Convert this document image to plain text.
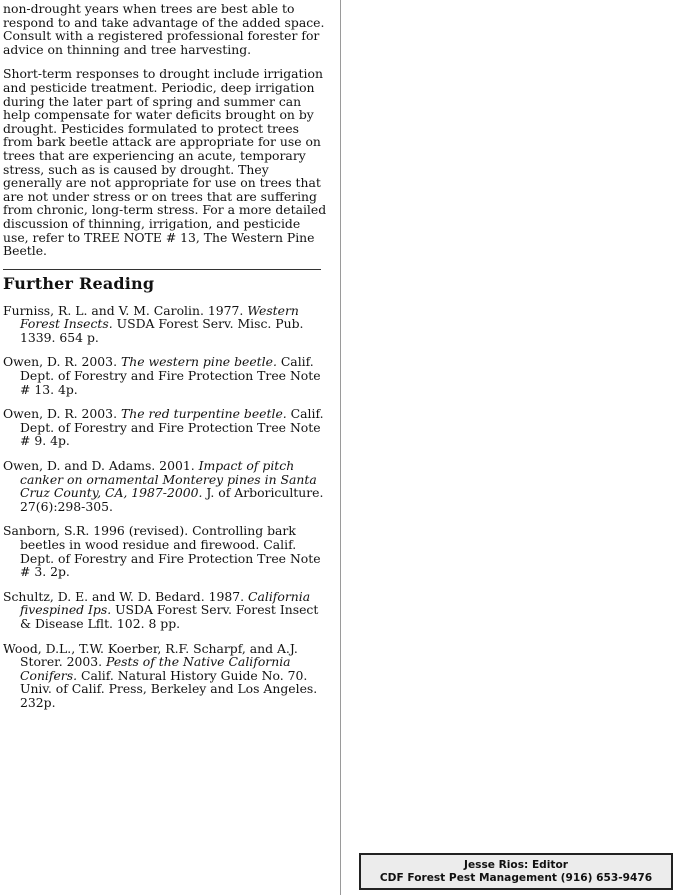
non-drought years when trees are best able to respond to and take advantage of the added space. Consult with a registered professional forester for advice on thinning and tree harvesting.

Short-term responses to drought include irrigation and pesticide treatment. Periodic, deep irrigation during the later part of spring and summer can help compensate for water deficits brought on by drought. Pesticides formulated to protect trees from bark beetle attack are appropriate for use on trees that are experiencing an acute, temporary stress, such as is caused by drought. They generally are not appropriate for use on trees that are not under stress or on trees that are suffering from chronic, long-term stress. For a more detailed discussion of thinning, irrigation, and pesticide use, refer to TREE NOTE # 13, The Western Pine Beetle.

Further Reading
Furniss, R. L. and V. M. Carolin. 1977. Western Forest Insects. USDA Forest Serv. Misc. Pub. 1339. 654 p.
Owen, D. R. 2003. The western pine beetle. Calif. Dept. of Forestry and Fire Protection Tree Note # 13. 4p.
Owen, D. R. 2003. The red turpentine beetle. Calif. Dept. of Forestry and Fire Protection Tree Note # 9. 4p.
Owen, D. and D. Adams. 2001. Impact of pitch canker on ornamental Monterey pines in Santa Cruz County, CA, 1987-2000. J. of Arboriculture. 27(6):298-305.
Sanborn, S.R. 1996 (revised). Controlling bark beetles in wood residue and firewood. Calif. Dept. of Forestry and Fire Protection Tree Note # 3. 2p.
Schultz, D. E. and W. D. Bedard. 1987. California fivespined Ips. USDA Forest Serv. Forest Insect & Disease Lflt. 102. 8 pp.
Wood, D.L., T.W. Koerber, R.F. Scharpf, and A.J. Storer. 2003. Pests of the Native California Conifers. Calif. Natural History Guide No. 70. Univ. of Calif. Press, Berkeley and Los Angeles. 232p.
Jesse Rios: Editor
CDF Forest Pest Management (916) 653-9476
